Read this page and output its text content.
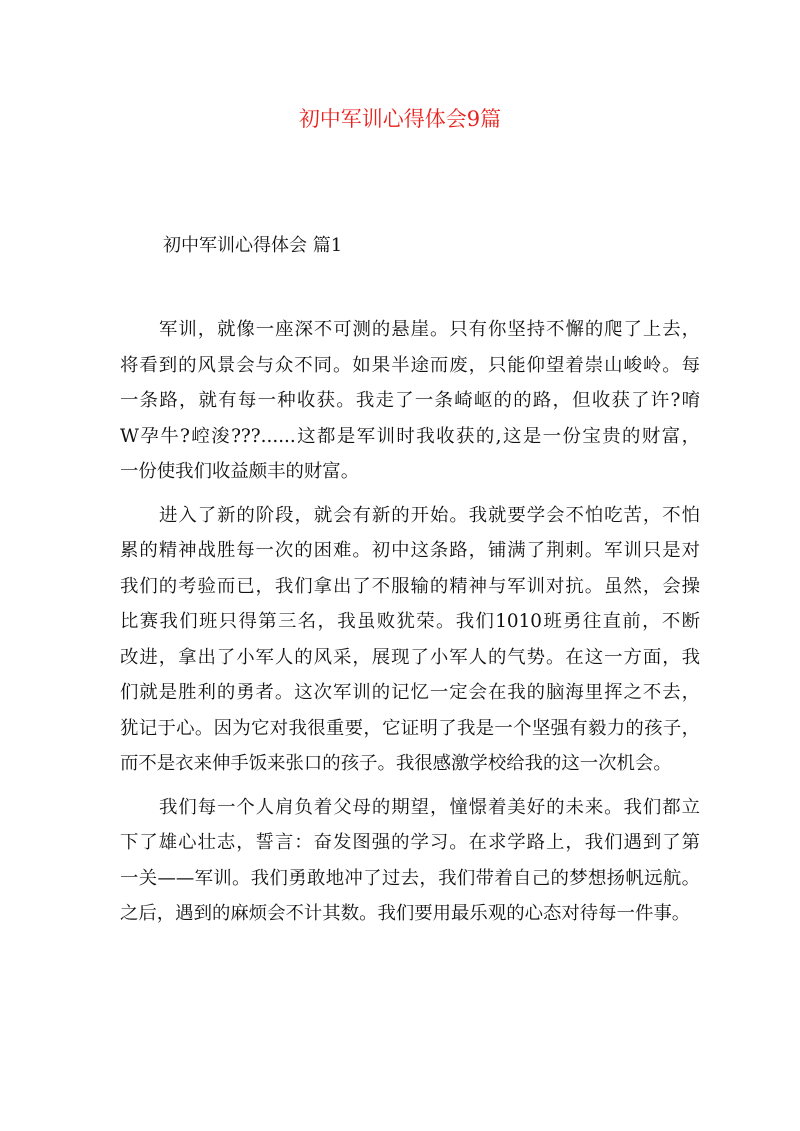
初中军训心得体会9篇
初中军训心得体会 篇1

军训，就像一座深不可测的悬崖。只有你坚持不懈的爬了上去，
将看到的风景会与众不同。如果半途而废，只能仰望着崇山峻岭。每
一条路，就有每一种收获。我走了一条崎岖的的路，但收获了许?唷
W孕牛?崆浚???......这都是军训时我收获的,这是一份宝贵的财富，
一份使我们收益颇丰的财富。

进入了新的阶段，就会有新的开始。我就要学会不怕吃苦，不怕
累的精神战胜每一次的困难。初中这条路，铺满了荆刺。军训只是对
我们的考验而已，我们拿出了不服输的精神与军训对抗。虽然，会操
比赛我们班只得第三名，我虽败犹荣。我们1010班勇往直前，不断
改进，拿出了小军人的风采，展现了小军人的气势。在这一方面，我
们就是胜利的勇者。这次军训的记忆一定会在我的脑海里挥之不去，
犹记于心。因为它对我很重要，它证明了我是一个坚强有毅力的孩子，
而不是衣来伸手饭来张口的孩子。我很感激学校给我的这一次机会。

我们每一个人肩负着父母的期望，憧憬着美好的未来。我们都立
下了雄心壮志，誓言：奋发图强的学习。在求学路上，我们遇到了第
一关——军训。我们勇敢地冲了过去，我们带着自己的梦想扬帆远航。
之后，遇到的麻烦会不计其数。我们要用最乐观的心态对待每一件事。
